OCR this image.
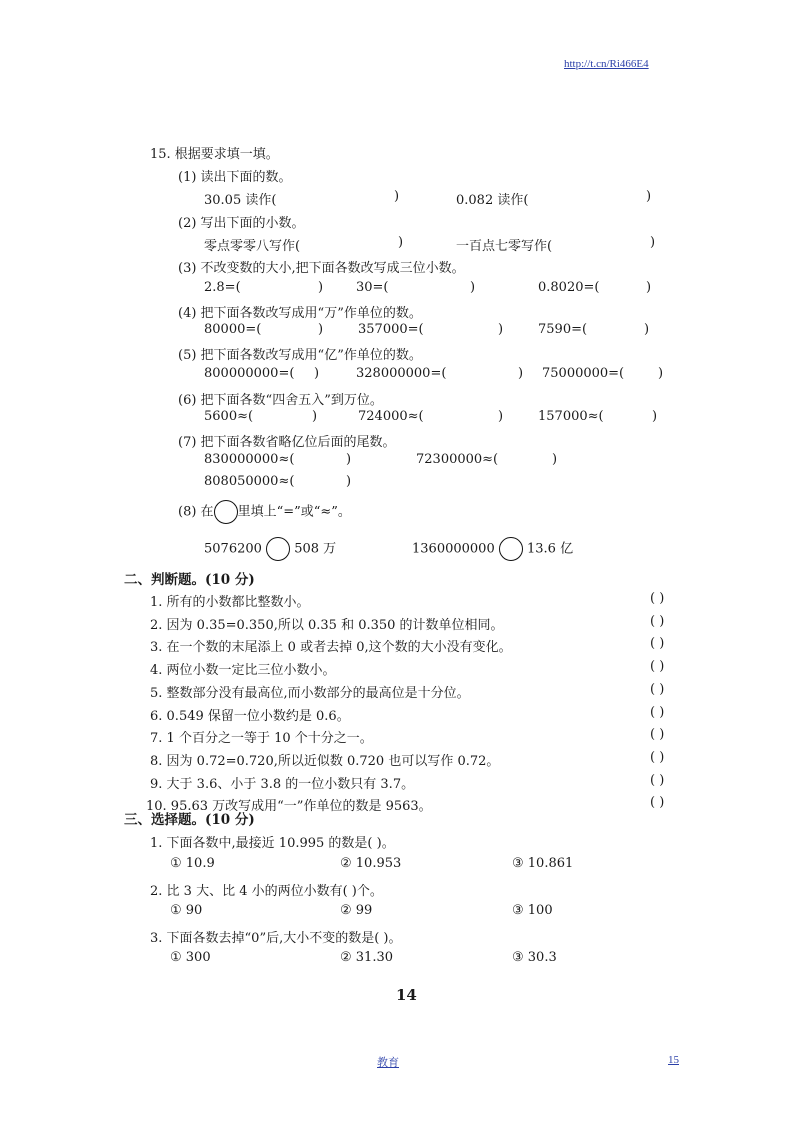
http://t.cn/Ri466E4
15. 根据要求填一填。
(1) 读出下面的数。
30.05 读作(	)	0.082 读作(	)
(2) 写出下面的小数。
零点零零八写作(	)	一百点七零写作(	)
(3) 不改变数的大小,把下面各数改写成三位小数。
2.8=(	)	30=(	)	0.8020=(	)
(4) 把下面各数改写成用“万”作单位的数。
80000=(	)	357000=(	)	7590=(	)
(5) 把下面各数改写成用“亿”作单位的数。
800000000=( )	328000000=(	) 75000000=(	)
(6) 把下面各数“四舍五入”到万位。
5600≈(	)	724000≈(	)	157000≈(	)
(7) 把下面各数省略亿位后面的尾数。
830000000≈(	)	72300000≈(	)
808050000≈(	)
(8) 在 里填上“=”或“≈”。
5076200 508 万	1360000000 13.6 亿
二、判断题。(10 分)
1. 所有的小数都比整数小。	( )
2. 因为 0.35=0.350,所以 0.35 和 0.350 的计数单位相同。	( )
3. 在一个数的末尾添上 0 或者去掉 0,这个数的大小没有变化。	( )
4. 两位小数一定比三位小数小。	( )
5. 整数部分没有最高位,而小数部分的最高位是十分位。	( )
6. 0.549 保留一位小数约是 0.6。	( )
7. 1 个百分之一等于 10 个十分之一。	( )
8. 因为 0.72=0.720,所以近似数 0.720 也可以写作 0.72。	( )
9. 大于 3.6、小于 3.8 的一位小数只有 3.7。	( )
10. 95.63 万改写成用“一”作单位的数是 9563。	( )
三、选择题。(10 分)
1. 下面各数中,最接近 10.995 的数是( )。
① 10.9	② 10.953	③ 10.861
2. 比 3 大、比 4 小的两位小数有( )个。
① 90	② 99	③ 100
3. 下面各数去掉“0”后,大小不变的数是( )。
① 300	② 31.30	③ 30.3
14
教育	15
